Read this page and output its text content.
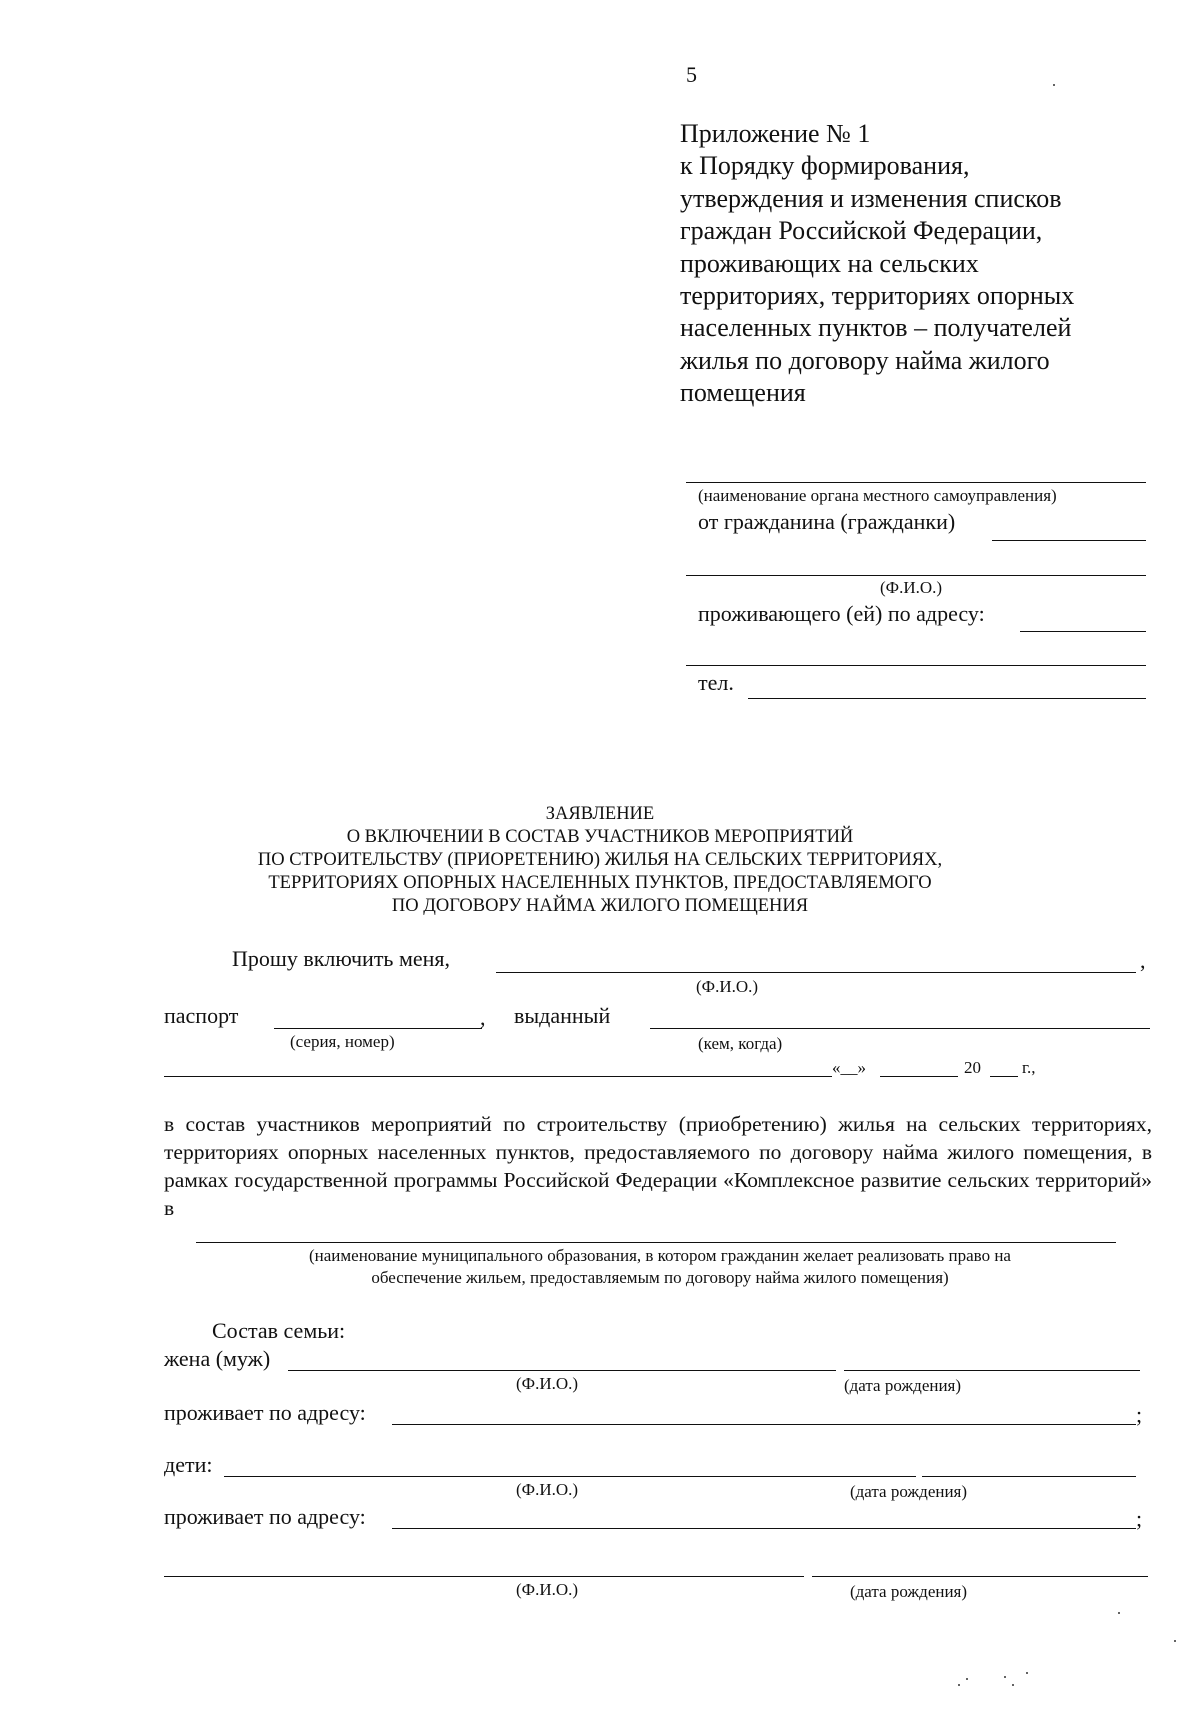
5
Приложение № 1
к Порядку формирования,
утверждения и изменения списков
граждан Российской Федерации,
проживающих на сельских
территориях, территориях опорных
населенных пунктов – получателей
жилья по договору найма жилого
помещения
(наименование органа местного самоуправления)
от гражданина (гражданки)
(Ф.И.О.)
проживающего (ей) по адресу:
тел.
ЗАЯВЛЕНИЕ
О ВКЛЮЧЕНИИ В СОСТАВ УЧАСТНИКОВ МЕРОПРИЯТИЙ
ПО СТРОИТЕЛЬСТВУ (ПРИОРЕТЕНИЮ) ЖИЛЬЯ НА СЕЛЬСКИХ ТЕРРИТОРИЯХ,
ТЕРРИТОРИЯХ ОПОРНЫХ НАСЕЛЕННЫХ ПУНКТОВ, ПРЕДОСТАВЛЯЕМОГО
ПО ДОГОВОРУ НАЙМА ЖИЛОГО ПОМЕЩЕНИЯ
Прошу включить меня,	,
(Ф.И.О.)
паспорт	, выданный
(серия, номер)	(кем, когда)
«__»	20 г.,
в состав участников мероприятий по строительству (приобретению) жилья на сельских территориях, территориях опорных населенных пунктов, предоставляемого по договору найма жилого помещения, в рамках государственной программы Российской Федерации «Комплексное развитие сельских территорий» в
(наименование муниципального образования, в котором гражданин желает реализовать право на
обеспечение жильем, предоставляемым по договору найма жилого помещения)
Состав семьи:
жена (муж)
(Ф.И.О.)	(дата рождения)
проживает по адресу:	;
дети:
(Ф.И.О.)	(дата рождения)
проживает по адресу:	;
(Ф.И.О.)	(дата рождения)
